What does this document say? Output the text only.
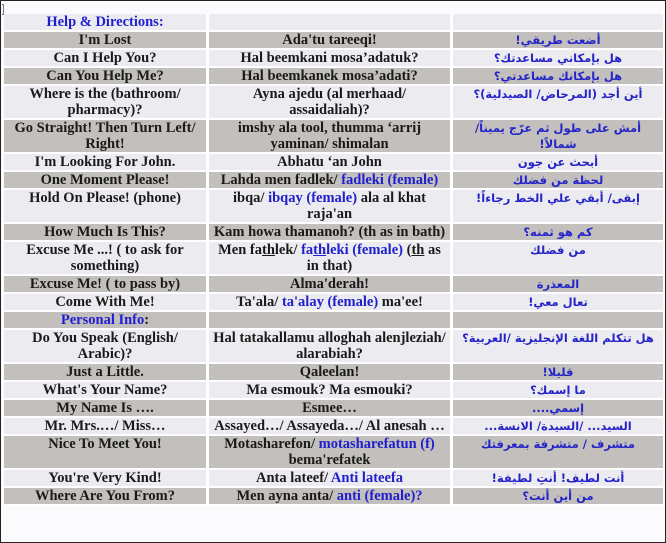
Help & Directions:		
I'm Lost	Ada'tu tareeqi!	أضعت طريقي!
Can I Help You?	Hal beemkani mosa’adatuk?	هل بإمكاني مساعدتك؟
Can You Help Me?	Hal beemkanek mosa’adati?	هل بإمكانك مساعدتي؟
Where is the (bathroom/ pharmacy)?	Ayna ajedu (al merhaad/ assaidaliah)?	أين أجد (المرحاض/ الصيدلية)؟
Go Straight! Then Turn Left/ Right!	imshy ala tool, thumma ‘arrij yaminan/ shimalan	أمش على طول ثم عرّج يميناً/ شمالاً!
I'm Looking For John.	Abhatu ‘an John	أبحث عن جون
One Moment Please!	Lahda men fadlek/ fadleki (female)	لحظة من فضلك
Hold On Please! (phone)	ibqa/ ibqay (female) ala al khat raja'an	إبقى/ أبقي علي الخط رجاءاً!
How Much Is This?	Kam howa thamanoh? (th as in bath)	كم هو ثمنه؟
Excuse Me ...! ( to ask for something)	Men fathlek/ fathleki (female) (th as in that)	من فضلك
Excuse Me! ( to pass by)	Alma'derah!	المعذرة
Come With Me!	Ta'ala/ ta'alay (female) ma'ee!	تعال معي!
Personal Info:		
Do You Speak (English/ Arabic)?	Hal tatakallamu alloghah alenjleziah/ alarabiah?	هل تتكلم اللغة الإنجليزية /العربية؟
Just a Little.	Qaleelan!	قليلا!
What's Your Name?	Ma esmouk? Ma esmouki?	ما إسمك؟
My Name Is ….	Esmee…	إسمي....
Mr. Mrs.…/ Miss…	Assayed…/ Assayeda…/ Al anesah …	السيد... /السيدة/ الانسة...
Nice To Meet You!	Motasharefon/ motasharefatun (f) bema'refatek	متشرف / متشرفة بمعرفتك
You're Very Kind!	Anta lateef/ Anti lateefa	أنت لطيف! أنتِ لطيفة!
Where Are You From?	Men ayna anta/ anti (female)?	من أين أنت؟
